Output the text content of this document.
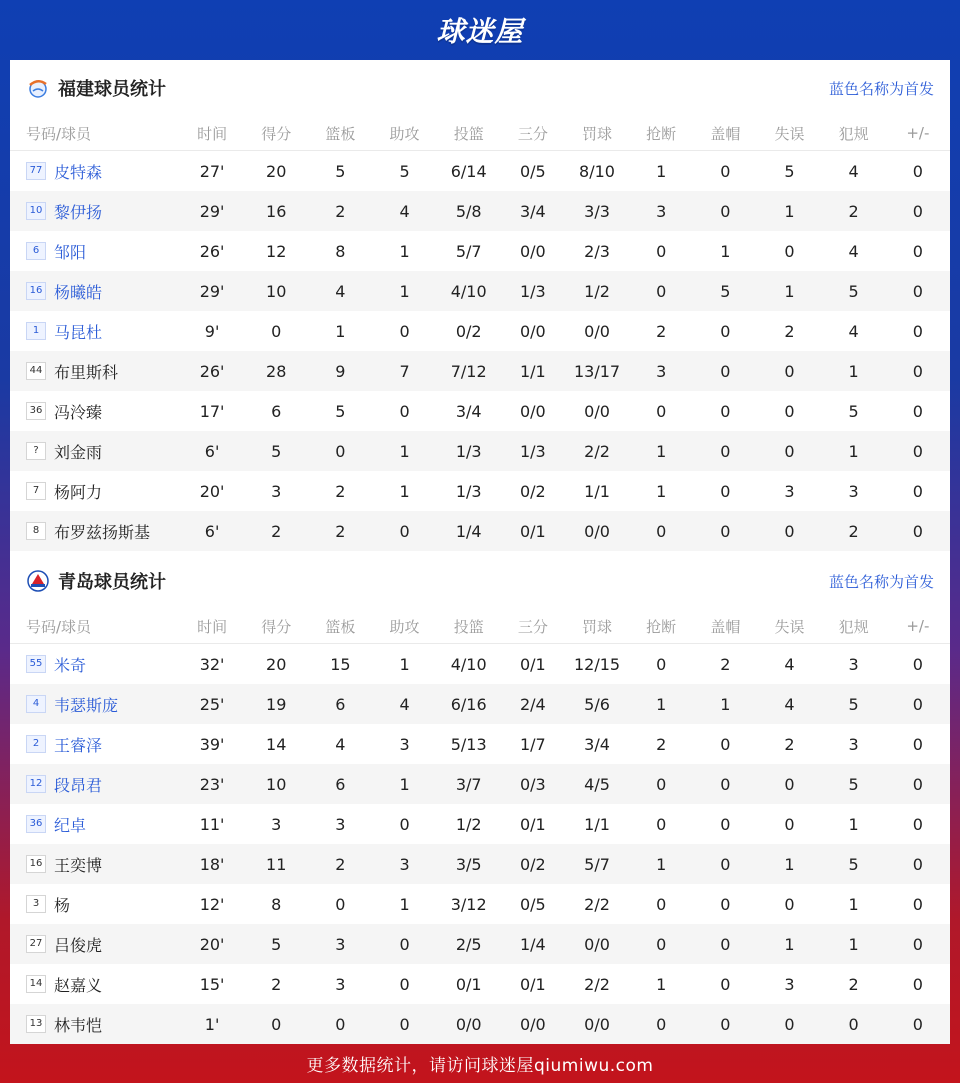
球迷屋
福建球员统计	蓝色名称为首发
号码/球员	时间	得分	篮板	助攻	投篮	三分	罚球	抢断	盖帽	失误	犯规	+/-
77 皮特森	27'	20	5	5	6/14	0/5	8/10	1	0	5	4	0
10 黎伊扬	29'	16	2	4	5/8	3/4	3/3	3	0	1	2	0
6 邹阳	26'	12	8	1	5/7	0/0	2/3	0	1	0	4	0
16 杨曦皓	29'	10	4	1	4/10	1/3	1/2	0	5	1	5	0
1 马昆杜	9'	0	1	0	0/2	0/0	0/0	2	0	2	4	0
44 布里斯科	26'	28	9	7	7/12	1/1	13/17	3	0	0	1	0
36 冯泠臻	17'	6	5	0	3/4	0/0	0/0	0	0	0	5	0
? 刘金雨	6'	5	0	1	1/3	1/3	2/2	1	0	0	1	0
7 杨阿力	20'	3	2	1	1/3	0/2	1/1	1	0	3	3	0
8 布罗兹扬斯基	6'	2	2	0	1/4	0/1	0/0	0	0	0	2	0
青岛球员统计	蓝色名称为首发
号码/球员	时间	得分	篮板	助攻	投篮	三分	罚球	抢断	盖帽	失误	犯规	+/-
55 米奇	32'	20	15	1	4/10	0/1	12/15	0	2	4	3	0
4 韦瑟斯庞	25'	19	6	4	6/16	2/4	5/6	1	1	4	5	0
2 王睿泽	39'	14	4	3	5/13	1/7	3/4	2	0	2	3	0
12 段昂君	23'	10	6	1	3/7	0/3	4/5	0	0	0	5	0
36 纪卓	11'	3	3	0	1/2	0/1	1/1	0	0	0	1	0
16 王奕博	18'	11	2	3	3/5	0/2	5/7	1	0	1	5	0
3 杨	12'	8	0	1	3/12	0/5	2/2	0	0	0	1	0
27 吕俊虎	20'	5	3	0	2/5	1/4	0/0	0	0	1	1	0
14 赵嘉义	15'	2	3	0	0/1	0/1	2/2	1	0	3	2	0
13 林韦恺	1'	0	0	0	0/0	0/0	0/0	0	0	0	0	0
更多数据统计，请访问球迷屋qiumiwu.com
